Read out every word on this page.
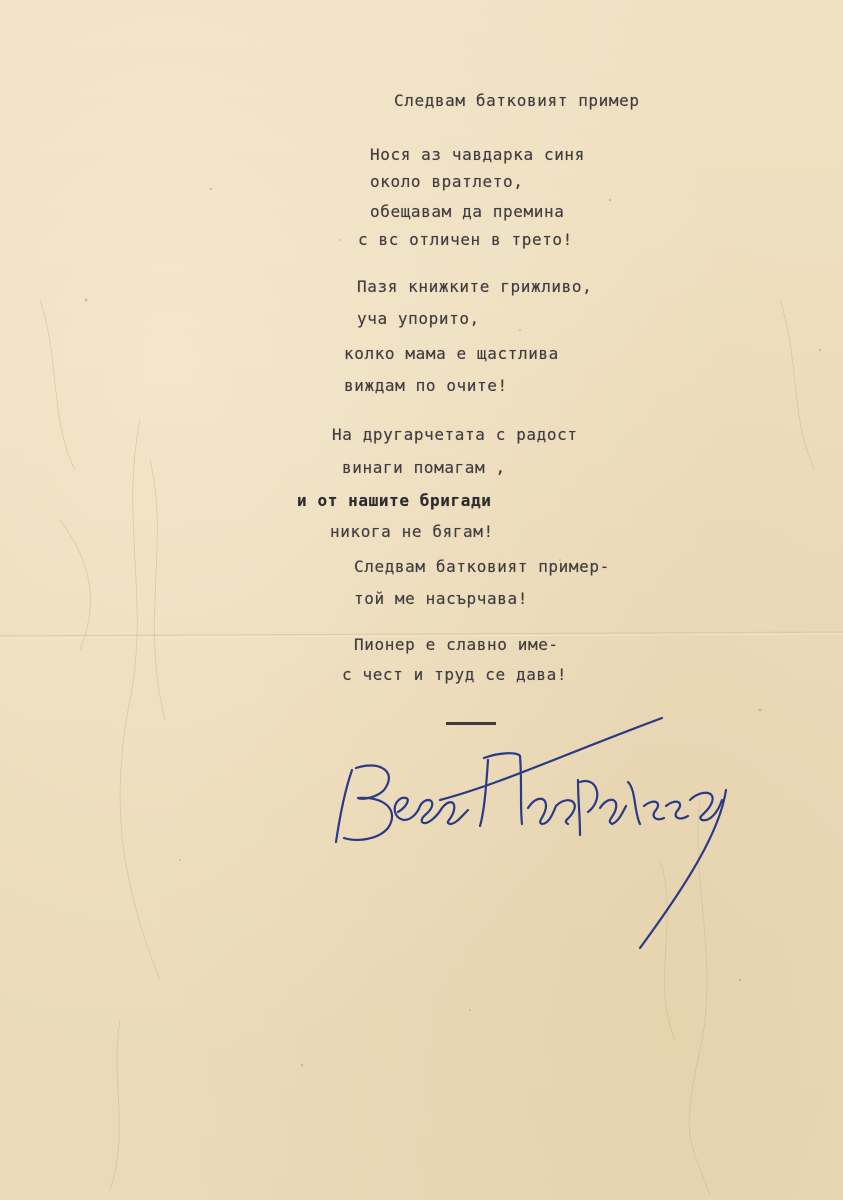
Следвам батковият пример
Нося аз чавдарка синя
около вратлето,
обещавам да премина
с вс отличен в трето!
Пазя книжките грижливо,
уча упорито,
колко мама е щастлива
виждам по очите!
На другарчетата с радост
винаги помагам ,
и от нашите бригади
никога не бягам!
Следвам батковият пример-
той ме насърчава!
Пионер е славно име-
с чест и труд се дава!
